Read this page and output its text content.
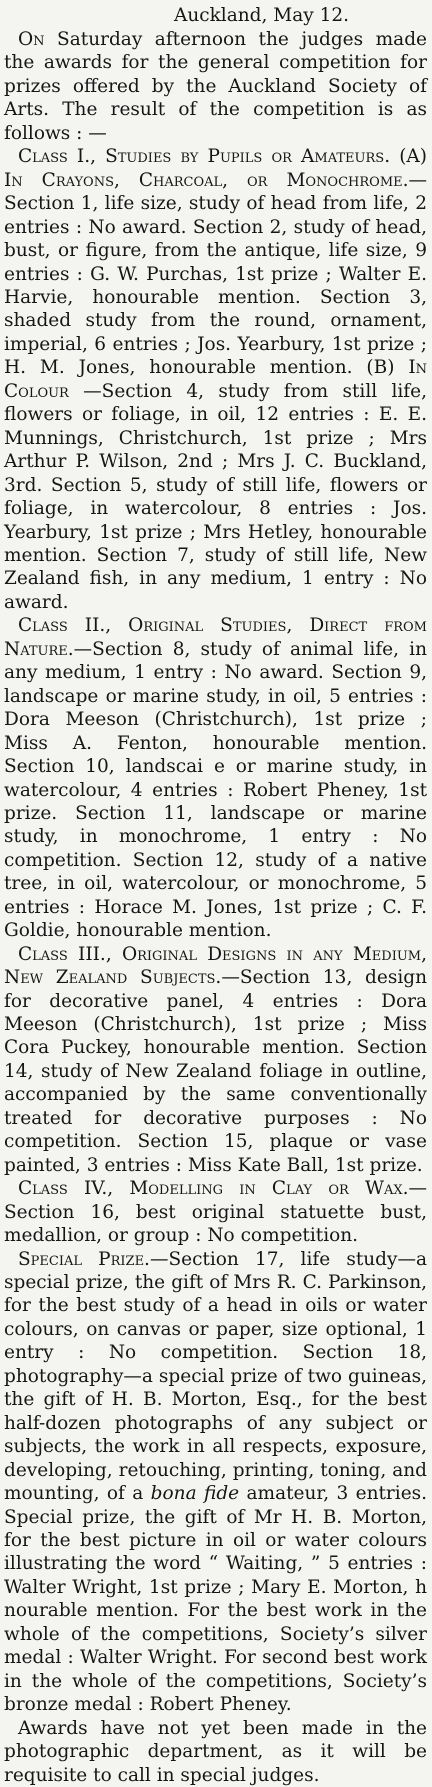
Auckland, May 12.

On Saturday afternoon the judges made the awards for the general competition for prizes offered by the Auckland Society of Arts. The result of the competition is as follows : —

Class I., Studies by Pupils or Amateurs. (A) In Crayons, Charcoal, or Monochrome.—Section 1, life size, study of head from life, 2 entries : No award. Section 2, study of head, bust, or figure, from the antique, life size, 9 entries : G. W. Purchas, 1st prize ; Walter E. Harvie, honourable mention. Section 3, shaded study from the round, ornament, imperial, 6 entries ; Jos. Yearbury, 1st prize ; H. M. Jones, honourable mention. (B) In Colour —Section 4, study from still life, flowers or foliage, in oil, 12 entries : E. E. Munnings, Christchurch, 1st prize ; Mrs Arthur P. Wilson, 2nd ; Mrs J. C. Buckland, 3rd. Section 5, study of still life, flowers or foliage, in watercolour, 8 entries : Jos. Yearbury, 1st prize ; Mrs Hetley, honourable mention. Section 7, study of still life, New Zealand fish, in any medium, 1 entry : No award.

Class II., Original Studies, Direct from Nature.—Section 8, study of animal life, in any medium, 1 entry : No award. Section 9, landscape or marine study, in oil, 5 entries : Dora Meeson (Christchurch), 1st prize ; Miss A. Fenton, honourable mention. Section 10, landscai e or marine study, in watercolour, 4 entries : Robert Pheney, 1st prize. Section 11, landscape or marine study, in monochrome, 1 entry : No competition. Section 12, study of a native tree, in oil, watercolour, or monochrome, 5 entries : Horace M. Jones, 1st prize ; C. F. Goldie, honourable mention.

Class III., Original Designs in any Medium, New Zealand Subjects.—Section 13, design for decorative panel, 4 entries : Dora Meeson (Christchurch), 1st prize ; Miss Cora Puckey, honourable mention. Section 14, study of New Zealand foliage in outline, accompanied by the same conventionally treated for decorative purposes : No competition. Section 15, plaque or vase painted, 3 entries : Miss Kate Ball, 1st prize.

Class IV., Modelling in Clay or Wax.—Section 16, best original statuette bust, medallion, or group : No competition.

Special Prize.—Section 17, life study—a special prize, the gift of Mrs R. C. Parkinson, for the best study of a head in oils or water colours, on canvas or paper, size optional, 1 entry : No competition. Section 18, photography—a special prize of two guineas, the gift of H. B. Morton, Esq., for the best half-dozen photographs of any subject or subjects, the work in all respects, exposure, developing, retouching, printing, toning, and mounting, of a bona fide amateur, 3 entries. Special prize, the gift of Mr H. B. Morton, for the best picture in oil or water colours illustrating the word “ Waiting, ” 5 entries : Walter Wright, 1st prize ; Mary E. Morton, h nourable mention. For the best work in the whole of the competitions, Society’s silver medal : Walter Wright. For second best work in the whole of the competitions, Society’s bronze medal : Robert Pheney.

Awards have not yet been made in the photographic department, as it will be requisite to call in special judges.
